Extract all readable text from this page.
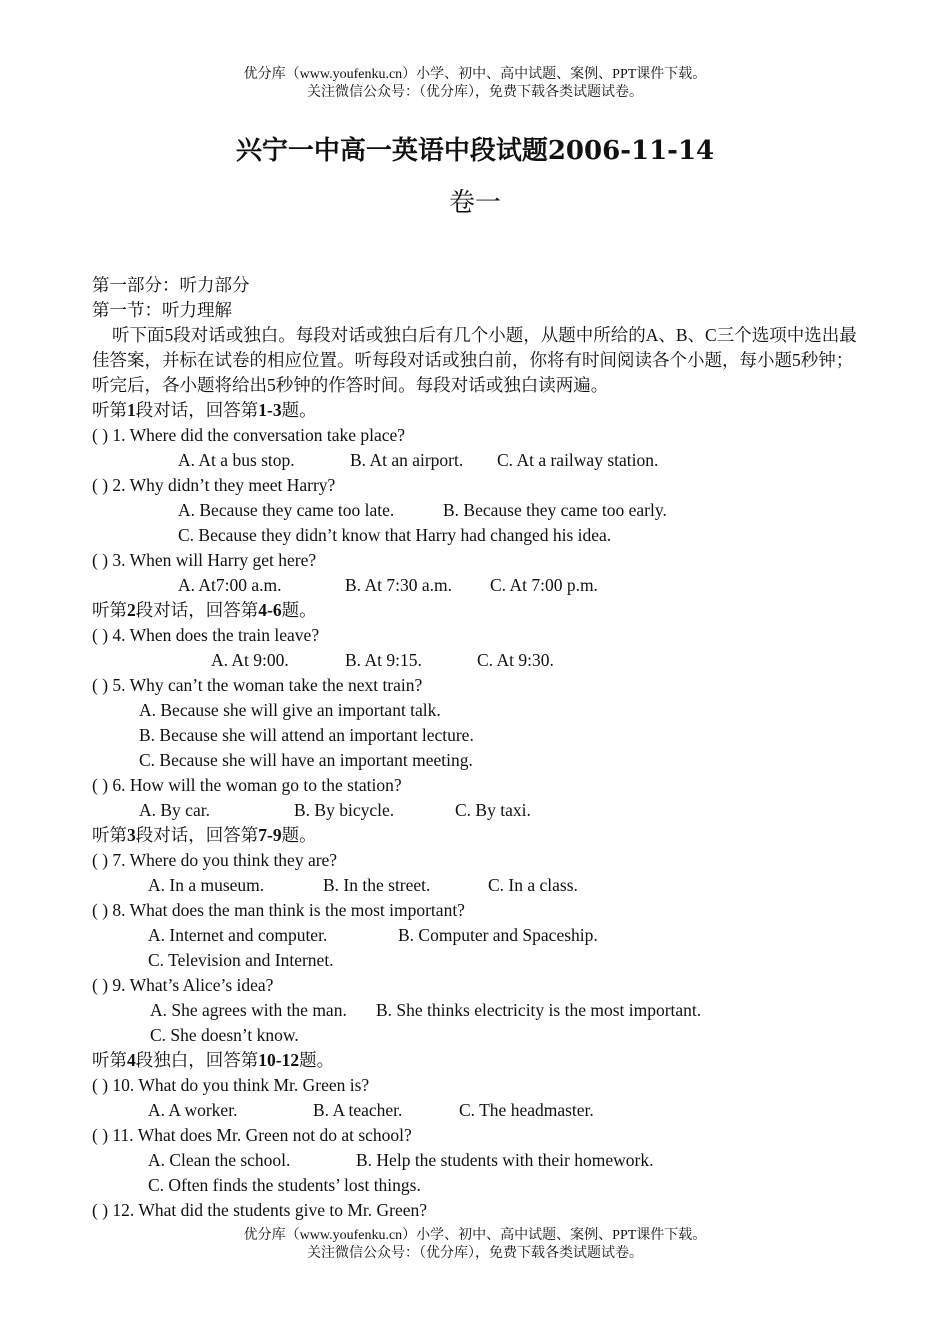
优分库（www.youfenku.cn）小学、初中、高中试题、案例、PPT课件下载。
关注微信公众号：（优分库），免费下载各类试题试卷。
兴宁一中高一英语中段试题2006-11-14
卷一
第一部分：听力部分
第一节：听力理解
听下面5段对话或独白。每段对话或独白后有几个小题，从题中所给的A、B、C三个选项中选出最佳答案，并标在试卷的相应位置。听每段对话或独白前，你将有时间阅读各个小题，每小题5秒钟；听完后，各小题将给出5秒钟的作答时间。每段对话或独白读两遍。
听第1段对话，回答第1-3题。
( ) 1. Where did the conversation take place?
A. At a bus stop.	B. At an airport. C. At a railway station.
( ) 2. Why didn’t they meet Harry?
A. Because they came too late.	B. Because they came too early.
C. Because they didn’t know that Harry had changed his idea.
( ) 3. When will Harry get here?
A. At7:00 a.m.	B. At 7:30 a.m. C. At 7:00 p.m.
听第2段对话，回答第4-6题。
( ) 4. When does the train leave?
A. At 9:00.	B. At 9:15.	C. At 9:30.
( ) 5. Why can’t the woman take the next train?
A. Because she will give an important talk.
B. Because she will attend an important lecture.
C. Because she will have an important meeting.
( ) 6. How will the woman go to the station?
A. By car.	B. By bicycle.	C. By taxi.
听第3段对话，回答第7-9题。
( ) 7. Where do you think they are?
A. In a museum.	B. In the street.	C. In a class.
( ) 8. What does the man think is the most important?
A. Internet and computer.	B. Computer and Spaceship.
C. Television and Internet.
( ) 9. What’s Alice’s idea?
A. She agrees with the man. B. She thinks electricity is the most important.
C. She doesn’t know.
听第4段独白，回答第10-12题。
( ) 10. What do you think Mr. Green is?
A. A worker.	B. A teacher.	C. The headmaster.
( ) 11. What does Mr. Green not do at school?
A. Clean the school.	B. Help the students with their homework.
C. Often finds the students’ lost things.
( ) 12. What did the students give to Mr. Green?
优分库（www.youfenku.cn）小学、初中、高中试题、案例、PPT课件下载。
关注微信公众号：（优分库），免费下载各类试题试卷。
